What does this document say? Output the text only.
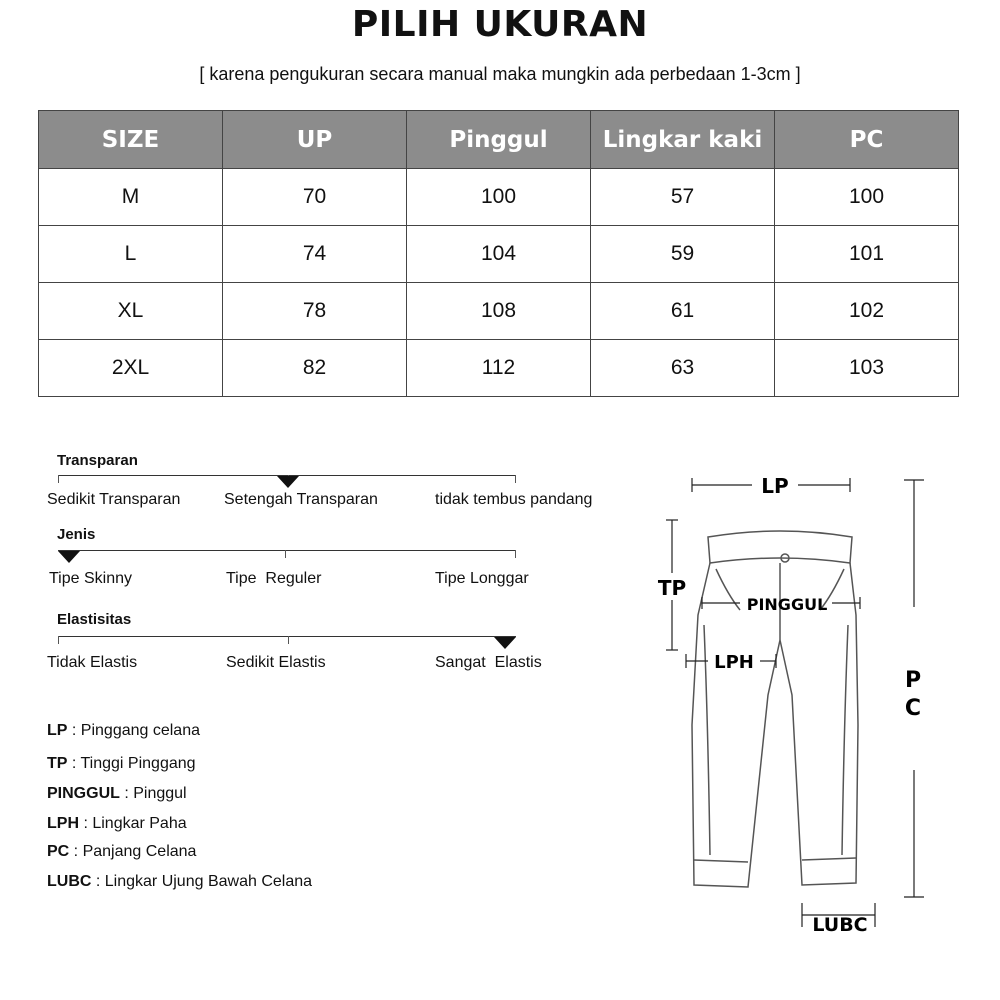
PILIH UKURAN
[ karena pengukuran secara manual maka mungkin ada perbedaan 1-3cm ]
SIZE	UP	Pinggul	Lingkar kaki	PC
M	70	100	57	100
L	74	104	59	101
XL	78	108	61	102
2XL	82	112	63	103
Transparan
Sedikit Transparan	Setengah Transparan	tidak tembus pandang
Jenis
Tipe Skinny	Tipe  Reguler	Tipe Longgar
Elastisitas
Tidak Elastis	Sedikit Elastis	Sangat  Elastis
LP : Pinggang celana
TP : Tinggi Pinggang
PINGGUL : Pinggul
LPH : Lingkar Paha
PC : Panjang Celana
LUBC : Lingkar Ujung Bawah Celana
LP
TP
PINGGUL
LPH
P
C
LUBC
